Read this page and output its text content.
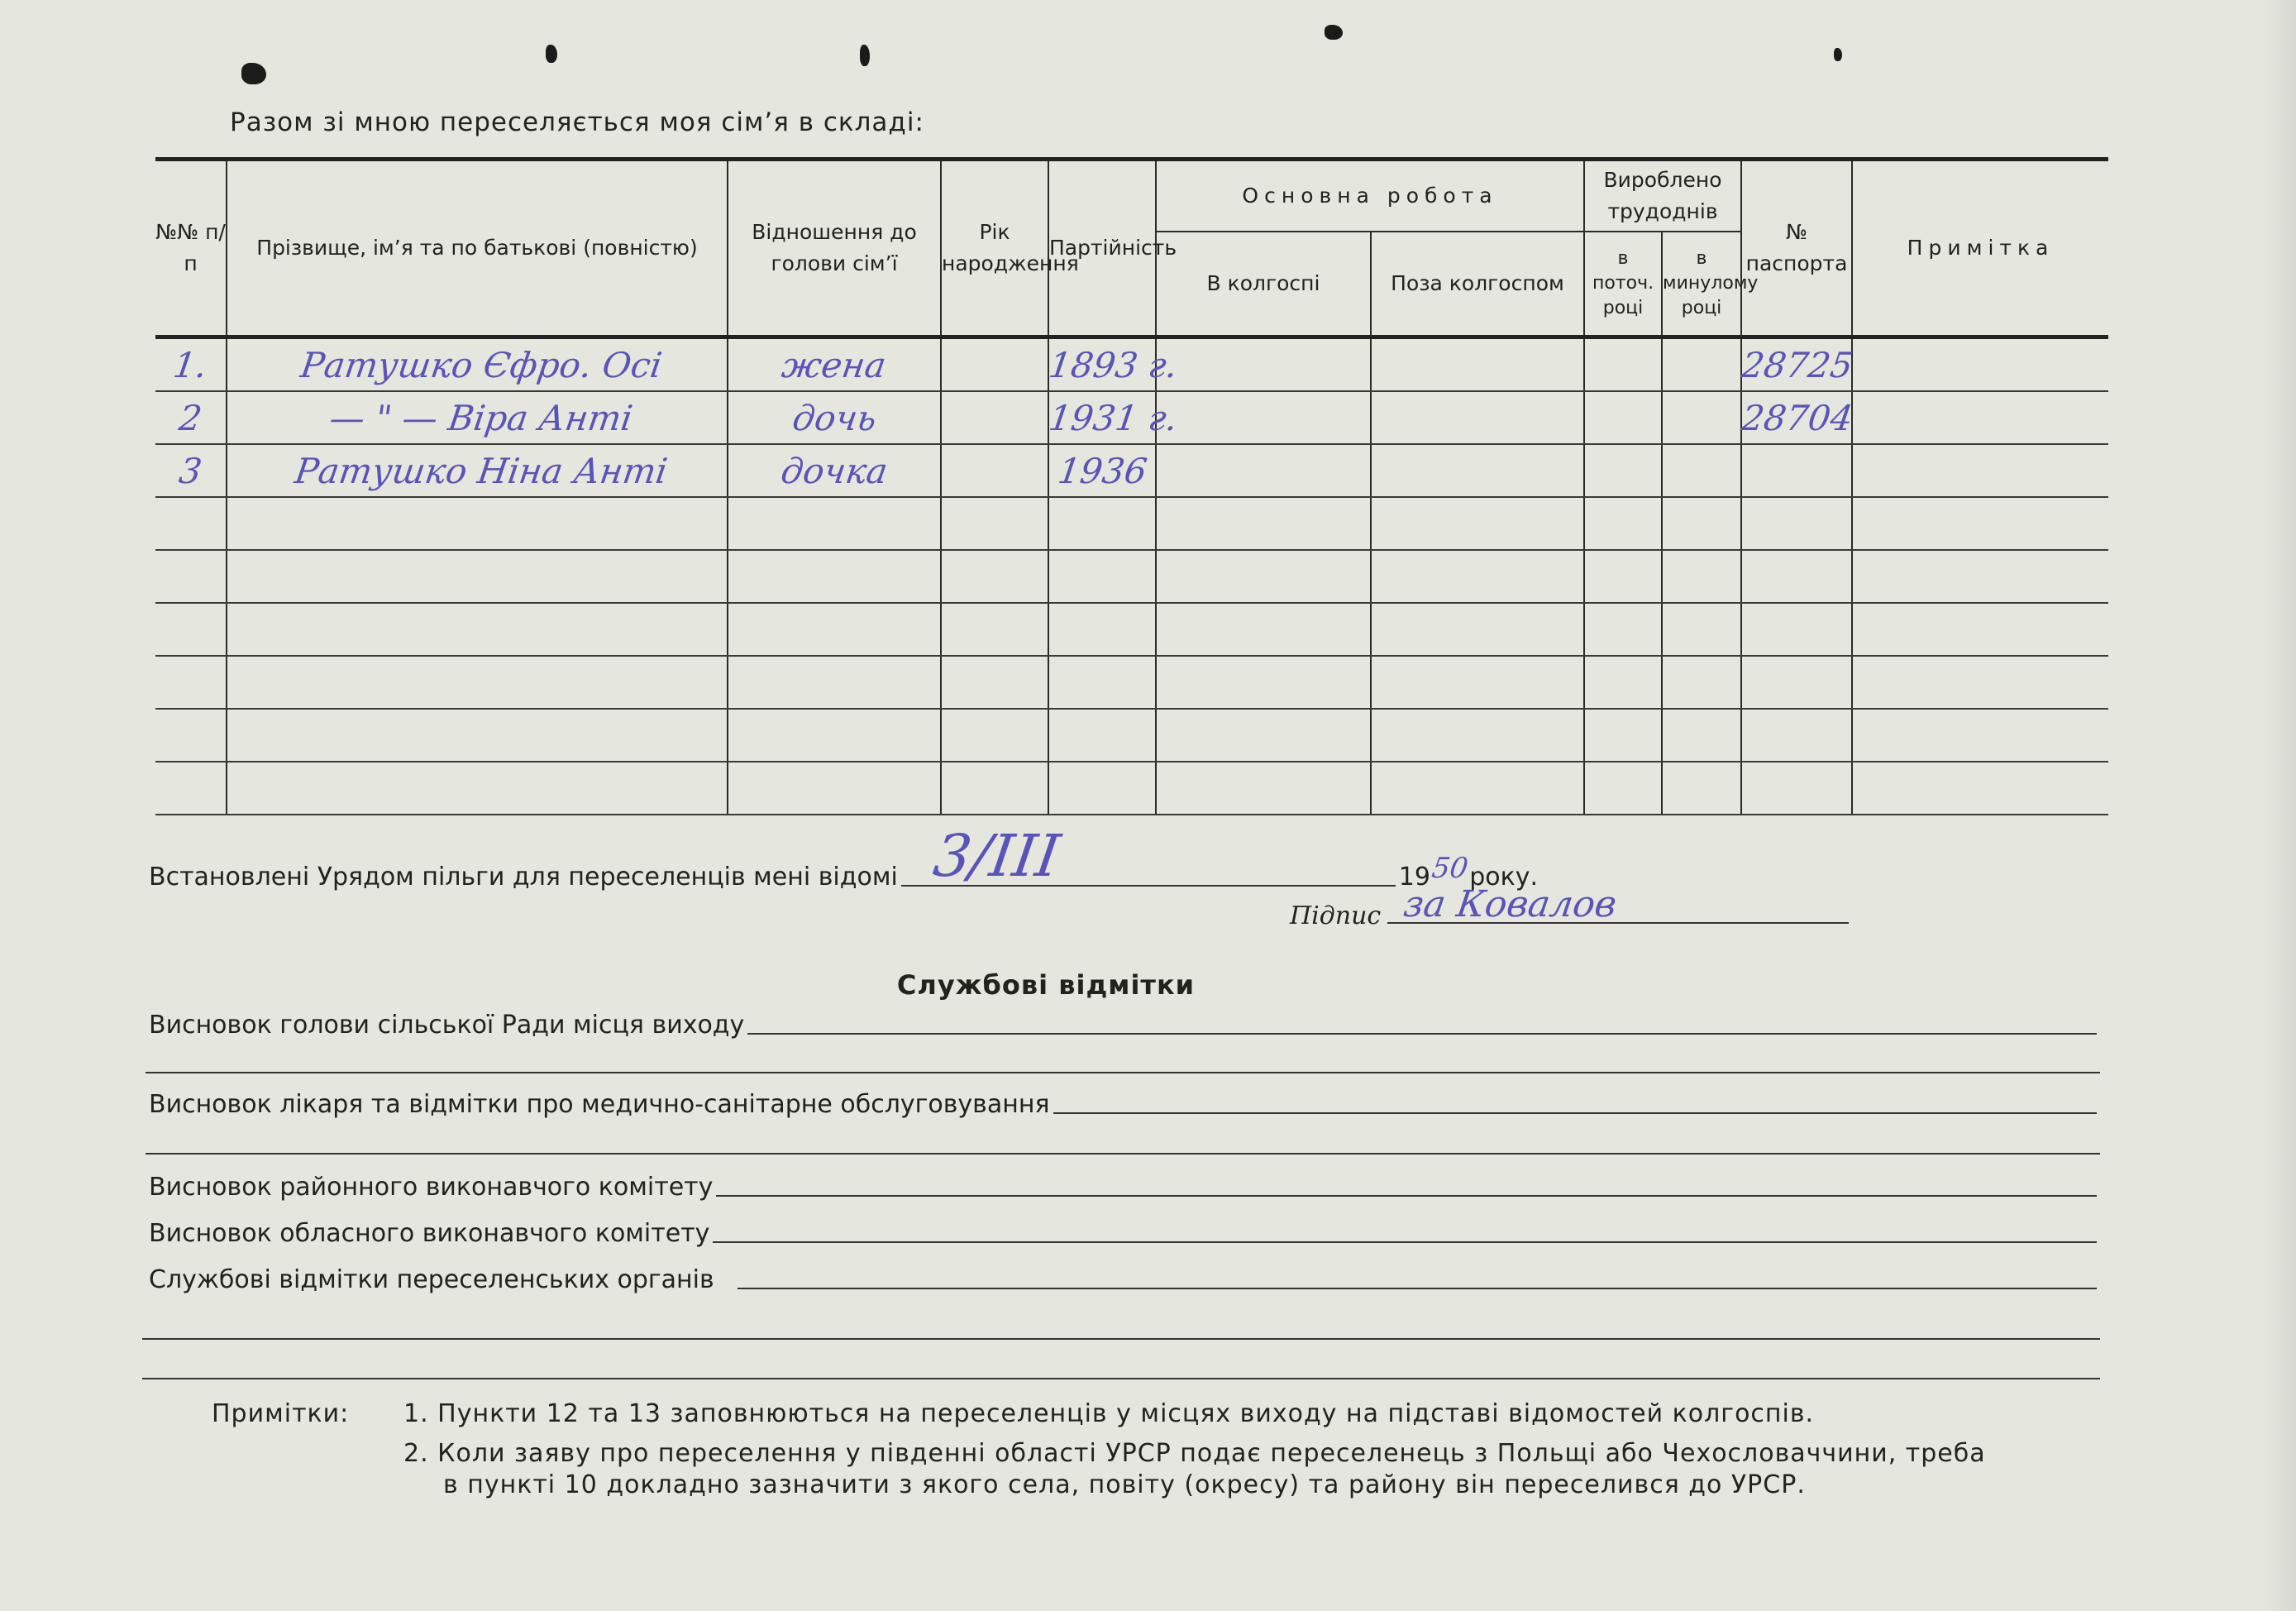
Разом зі мною переселяється моя сім’я в складі:
№№ п/п	Прізвище, ім’я та по батькові (повністю)	Відношення до голови сім’ї	Рік народження	Партійність	Основна робота		Вироблено трудоднів		№ паспорта	Примітка
					В колгоспі	Поза колгоспом	в поточ. році	в минулому році		
1.	Ратушко Єфро. Осі	жена		1893 г.					28725	
2	— " — Віра Анті	дочь		1931 г.					28704	
3	Ратушко Ніна Анті	дочка		1936						

Встановлені Урядом пільги для переселенців мені відомі 3/III	19 50 року.
Підпис за Ковалов
Службові відмітки
Висновок голови сільської Ради місця виходу
Висновок лікаря та відмітки про медично-санітарне обслуговування
Висновок районного виконавчого комітету
Висновок обласного виконавчого комітету
Службові відмітки переселенських органів
Примітки: 1. Пункти 12 та 13 заповнюються на переселенців у місцях виходу на підставі відомостей колгоспів.
2. Коли заяву про переселення у південні області УРСР подає переселенець з Польщі або Чехословаччини, треба
в пункті 10 докладно зазначити з якого села, повіту (окресу) та району він переселився до УРСР.
